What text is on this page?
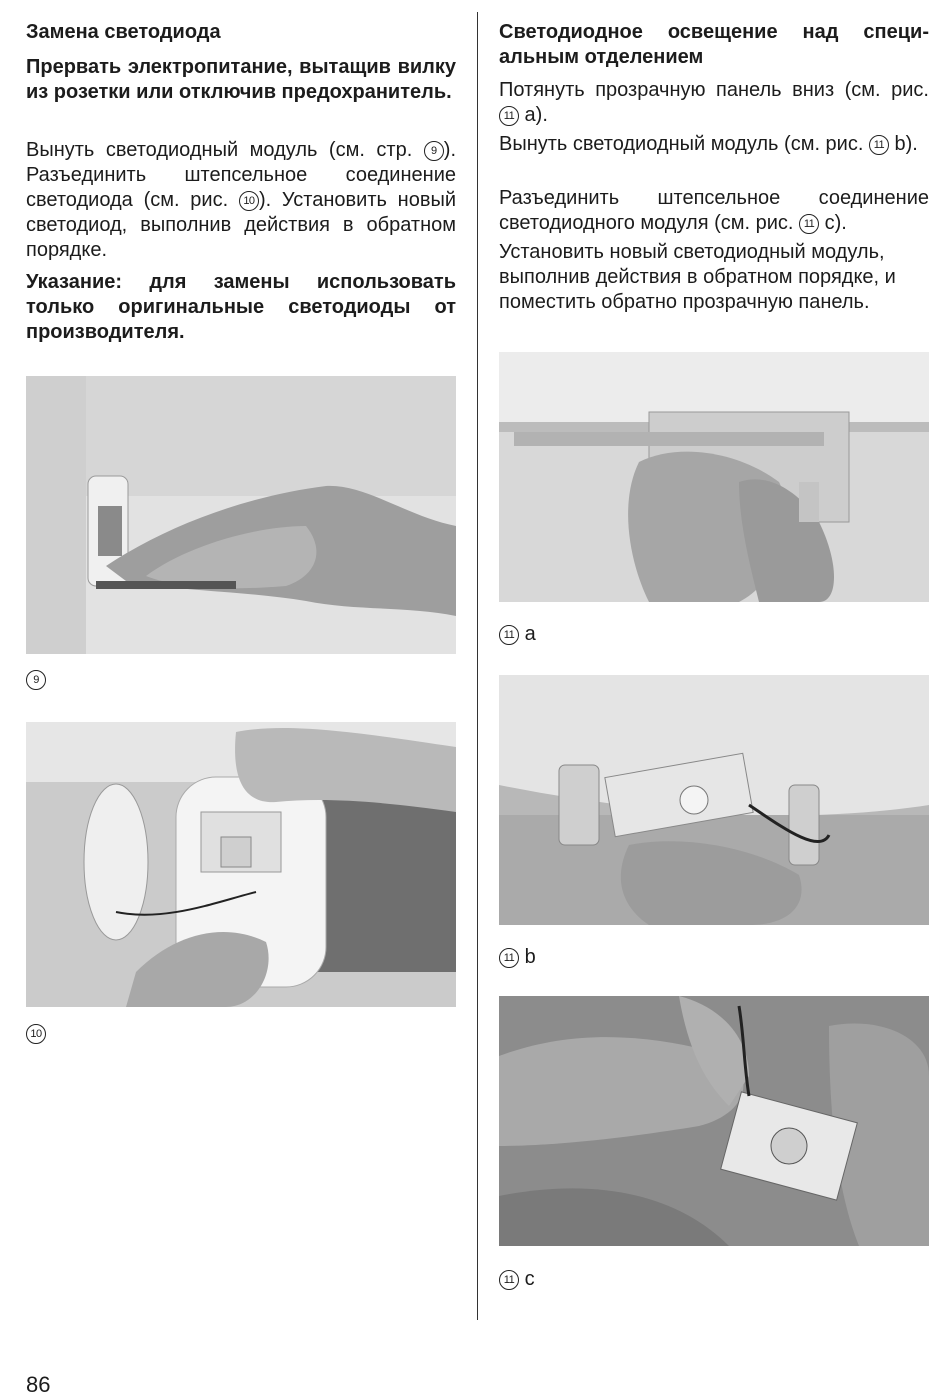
Замена светодиода

Прервать электропитание, вытащив вилку из розетки или отключив предохранитель.

Вынуть светодиодный модуль (см. стр. 9 ). Разъединить штепсельное соединение светодиода (см. рис. 10 ). Установить новый светодиод, выполнив действия в обратном порядке.

Указание: для замены использовать только оригинальные светодиоды от производителя.

9
10

Светодиодное освещение над специальным отделением

Потянуть прозрачную панель вниз (см. рис. 11 a).

Вынуть светодиодный модуль (см. рис. 11 b).

Разъединить штепсельное соединение светодиодного модуля (см. рис. 11 c).

Установить новый светодиодный модуль, выполнив действия в обратном порядке, и поместить обратно прозрачную панель.

11 a
11 b
11 c
86
